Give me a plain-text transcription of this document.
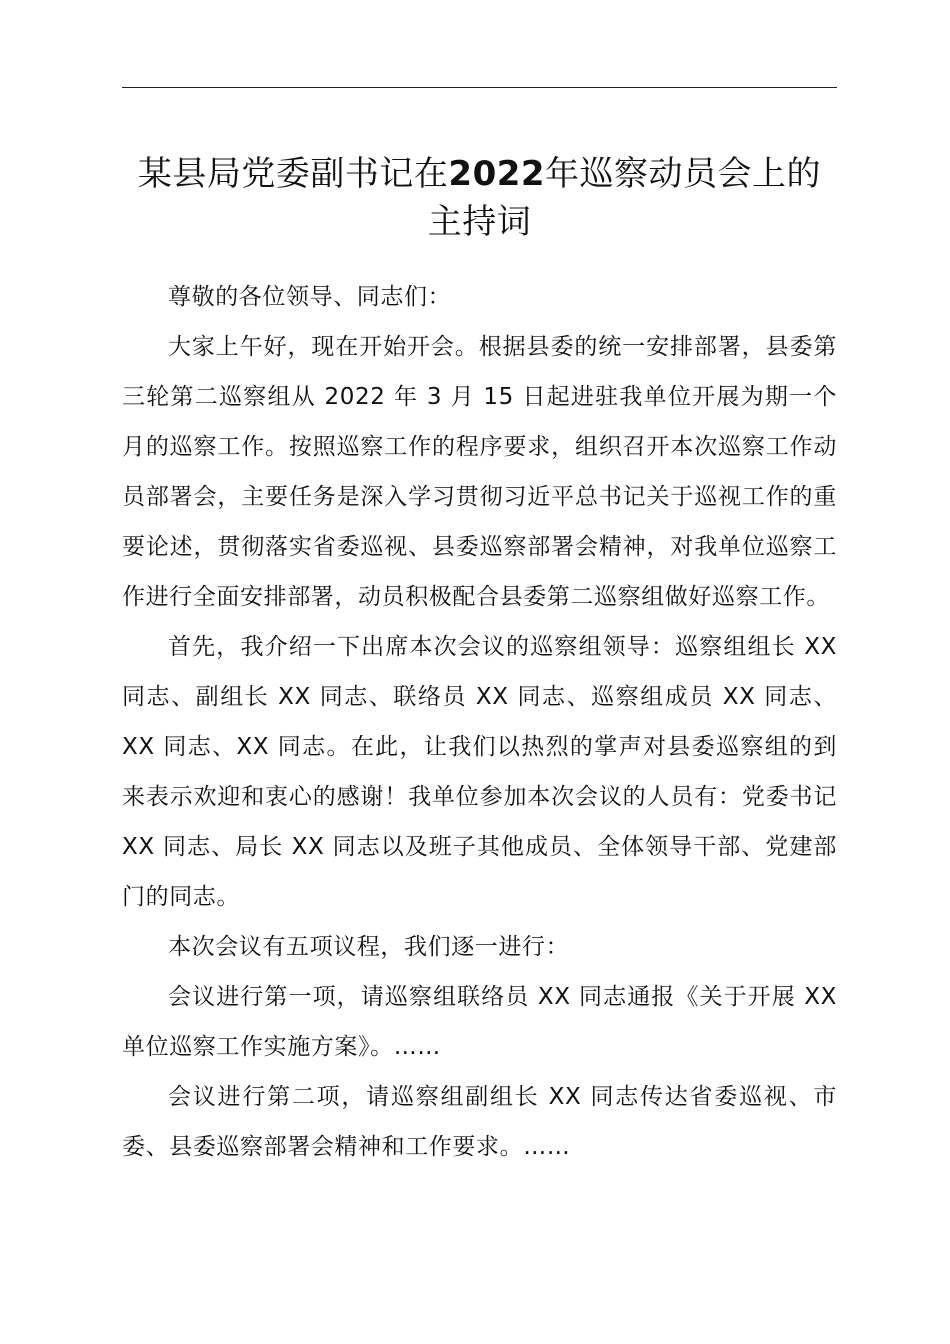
某县局党委副书记在2022年巡察动员会上的主持词

尊敬的各位领导、同志们：

大家上午好，现在开始开会。根据县委的统一安排部署，县委第三轮第二巡察组从 2022 年 3 月 15 日起进驻我单位开展为期一个月的巡察工作。按照巡察工作的程序要求，组织召开本次巡察工作动员部署会，主要任务是深入学习贯彻习近平总书记关于巡视工作的重要论述，贯彻落实省委巡视、县委巡察部署会精神，对我单位巡察工作进行全面安排部署，动员积极配合县委第二巡察组做好巡察工作。

首先，我介绍一下出席本次会议的巡察组领导：巡察组组长 XX 同志、副组长 XX 同志、联络员 XX 同志、巡察组成员 XX 同志、XX 同志、XX 同志。在此，让我们以热烈的掌声对县委巡察组的到来表示欢迎和衷心的感谢！我单位参加本次会议的人员有：党委书记 XX 同志、局长 XX 同志以及班子其他成员、全体领导干部、党建部门的同志。

本次会议有五项议程，我们逐一进行：

会议进行第一项，请巡察组联络员 XX 同志通报《关于开展 XX 单位巡察工作实施方案》。……

会议进行第二项，请巡察组副组长 XX 同志传达省委巡视、市委、县委巡察部署会精神和工作要求。……
